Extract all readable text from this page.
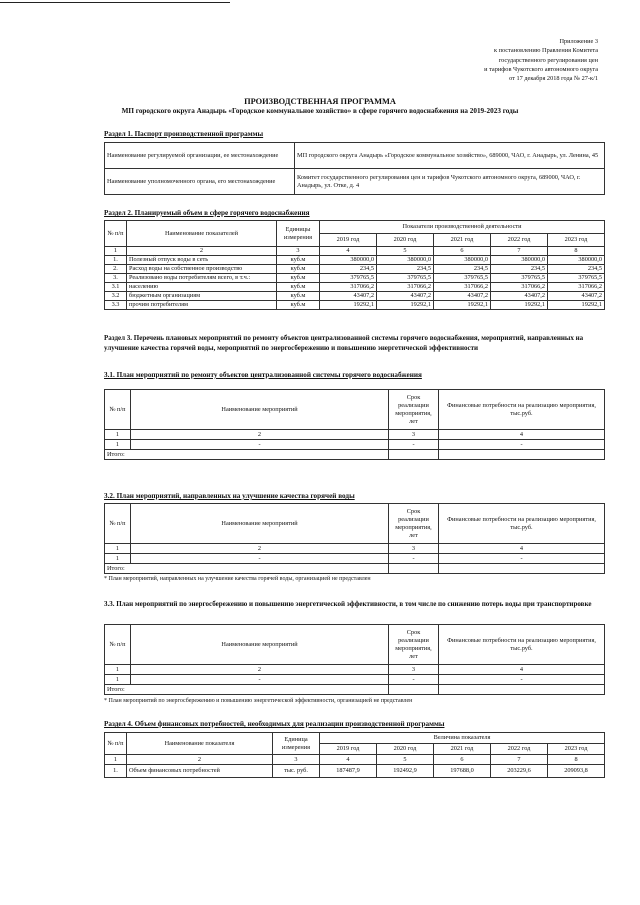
Приложение 3
к постановлению Правления Комитета
государственного регулирования цен
и тарифов Чукотского автономного округа
от 17 декабря 2018 года № 27-к/1
ПРОИЗВОДСТВЕННАЯ ПРОГРАММА
МП городского округа Анадырь «Городское коммунальное хозяйство» в сфере горячего водоснабжения на 2019-2023 годы
Раздел 1. Паспорт производственной программы
Наименование регулируемой организации, ее местонахождение	МП городского округа Анадырь «Городское коммунальное хозяйство», 689000, ЧАО, г. Анадырь, ул. Ленина, 45
Наименование уполномоченного органа, его местонахождение	Комитет государственного регулирования цен и тарифов Чукотского автономного округа, 689000, ЧАО, г. Анадырь, ул. Отке, д. 4
Раздел 2. Планируемый объем в сфере горячего водоснабжения
№ п/п	Наименование показателей	Единицы измерения	Показатели производственной деятельности				
			2019 год	2020 год	2021 год	2022 год	2023 год
1	2	3	4	5	6	7	8
1.	Полезный отпуск воды в сеть	куб.м	380000,0	380000,0	380000,0	380000,0	380000,0
2.	Расход воды на собственное производство	куб.м	234,5	234,5	234,5	234,5	234,5
3.	Реализовано воды потребителям всего, в т.ч.:	куб.м	379765,5	379765,5	379765,5	379765,5	379765,5
3.1	населению	куб.м	317066,2	317066,2	317066,2	317066,2	317066,2
3.2	бюджетным организациям	куб.м	43407,2	43407,2	43407,2	43407,2	43407,2
3.3	прочим потребителям	куб.м	19292,1	19292,1	19292,1	19292,1	19292,1
Раздел 3. Перечень плановых мероприятий по ремонту объектов централизованной системы горячего водоснабжения, мероприятий, направленных на улучшение качества горячей воды, мероприятий по энергосбережению и повышению энергетической эффективности
3.1. План мероприятий по ремонту объектов централизованной системы горячего водоснабжения
№ п/п	Наименование мероприятий	Срок реализации мероприятия, лет	Финансовые потребности на реализацию мероприятия, тыс.руб.
1	2	3	4
1	-	-	-
Итого:			
3.2. План мероприятий, направленных на улучшение качества горячей воды
№ п/п	Наименование мероприятий	Срок реализации мероприятия, лет	Финансовые потребности на реализацию мероприятия, тыс.руб.
1	2	3	4
1	-	-	-
Итого:			
* План мероприятий, направленных на улучшение качества горячей воды, организацией не представлен
3.3. План мероприятий по энергосбережению и повышению энергетической эффективности, в том числе по снижению потерь воды при транспортировке
№ п/п	Наименование мероприятий	Срок реализации мероприятия, лет	Финансовые потребности на реализацию мероприятия, тыс.руб.
1	2	3	4
1	-	-	-
Итого:			
* План мероприятий по энергосбережению и повышению энергетической эффективности, организацией не представлен
Раздел 4. Объем финансовых потребностей, необходимых для реализации производственной программы
№ п/п	Наименование показателя	Единица измерения	Величина показателя				
			2019 год	2020 год	2021 год	2022 год	2023 год
1	2	3	4	5	6	7	8
1.	Объем финансовых потребностей	тыс. руб.	187487,9	192492,9	197688,0	203229,6	209093,8
